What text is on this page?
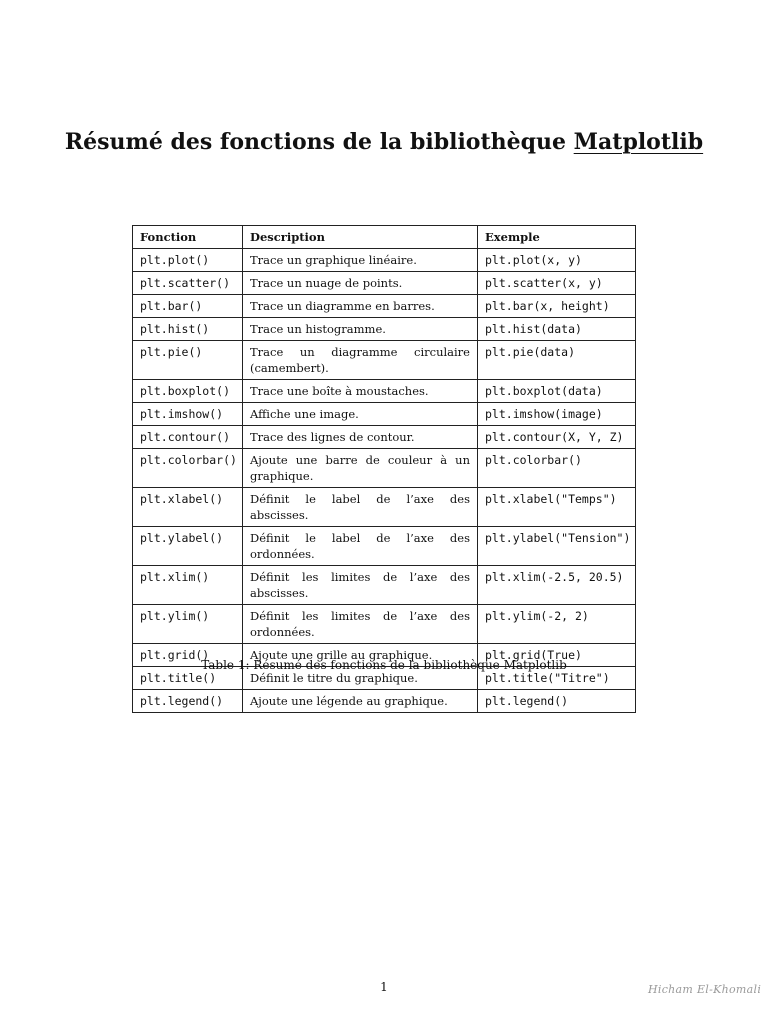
Résumé des fonctions de la bibliothèque Matplotlib
Fonction	Description	Exemple
plt.plot()	Trace un graphique linéaire.	plt.plot(x, y)
plt.scatter()	Trace un nuage de points.	plt.scatter(x, y)
plt.bar()	Trace un diagramme en barres.	plt.bar(x, height)
plt.hist()	Trace un histogramme.	plt.hist(data)
plt.pie()	Trace un diagramme circulaire (camembert).	plt.pie(data)
plt.boxplot()	Trace une boîte à moustaches.	plt.boxplot(data)
plt.imshow()	Affiche une image.	plt.imshow(image)
plt.contour()	Trace des lignes de contour.	plt.contour(X, Y, Z)
plt.colorbar()	Ajoute une barre de couleur à un graphique.	plt.colorbar()
plt.xlabel()	Définit le label de l’axe des abscisses.	plt.xlabel("Temps")
plt.ylabel()	Définit le label de l’axe des ordonnées.	plt.ylabel("Tension")
plt.xlim()	Définit les limites de l’axe des abscisses.	plt.xlim(-2.5, 20.5)
plt.ylim()	Définit les limites de l’axe des ordonnées.	plt.ylim(-2, 2)
plt.grid()	Ajoute une grille au graphique.	plt.grid(True)
plt.title()	Définit le titre du graphique.	plt.title("Titre")
plt.legend()	Ajoute une légende au graphique.	plt.legend()
Table 1: Résumé des fonctions de la bibliothèque Matplotlib
1	Hicham El-Khomali
